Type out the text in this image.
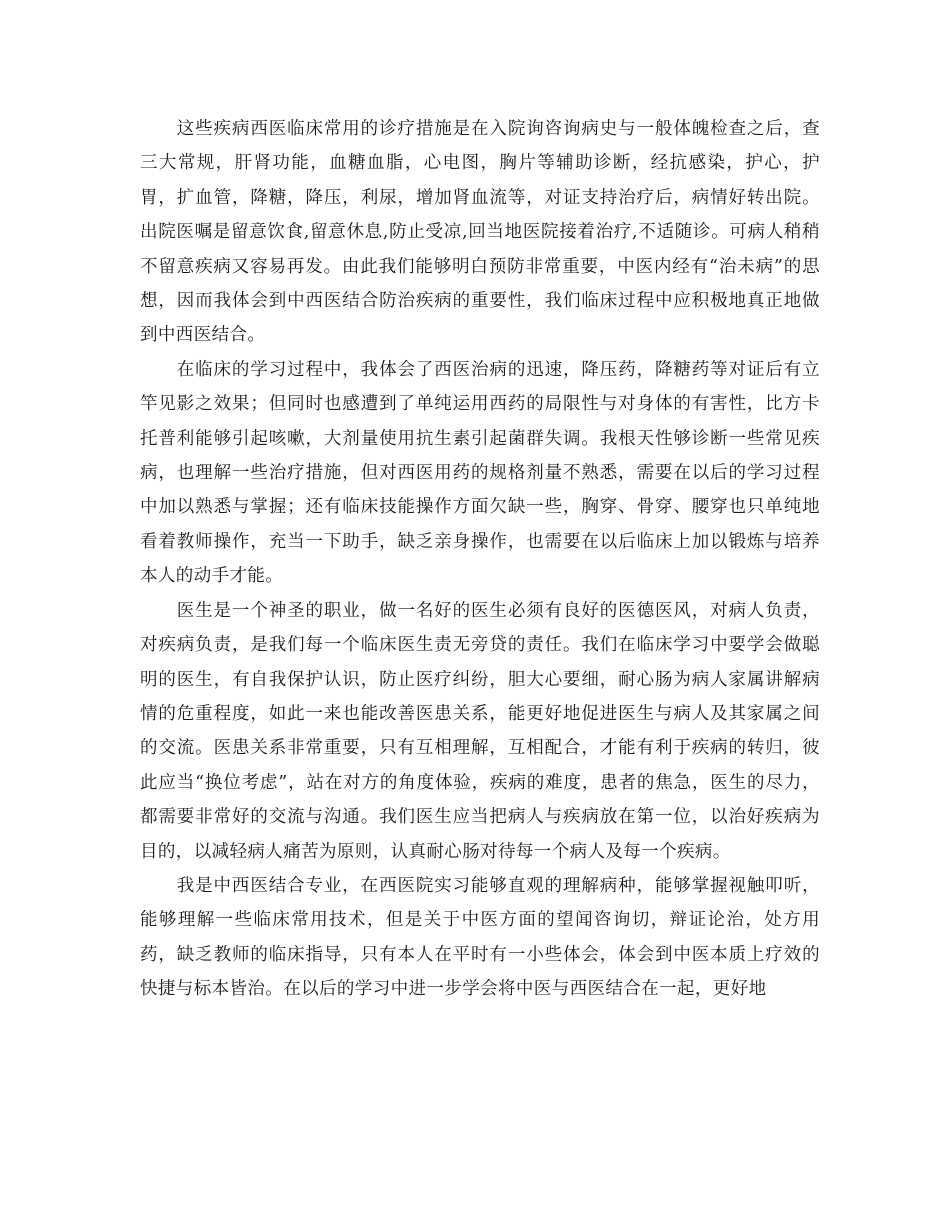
这些疾病西医临床常用的诊疗措施是在入院询咨询病史与一般体魄检查之后，查三大常规，肝肾功能，血糖血脂，心电图，胸片等辅助诊断，经抗感染，护心，护胃，扩血管，降糖，降压，利尿，增加肾血流等，对证支持治疗后，病情好转出院。出院医嘱是留意饮食,留意休息,防止受凉,回当地医院接着治疗,不适随诊。可病人稍稍不留意疾病又容易再发。由此我们能够明白预防非常重要，中医内经有“治未病”的思想，因而我体会到中西医结合防治疾病的重要性，我们临床过程中应积极地真正地做到中西医结合。

在临床的学习过程中，我体会了西医治病的迅速，降压药，降糖药等对证后有立竿见影之效果；但同时也感遭到了单纯运用西药的局限性与对身体的有害性，比方卡托普利能够引起咳嗽，大剂量使用抗生素引起菌群失调。我根天性够诊断一些常见疾病，也理解一些治疗措施，但对西医用药的规格剂量不熟悉，需要在以后的学习过程中加以熟悉与掌握；还有临床技能操作方面欠缺一些，胸穿、骨穿、腰穿也只单纯地看着教师操作，充当一下助手，缺乏亲身操作，也需要在以后临床上加以锻炼与培养本人的动手才能。

医生是一个神圣的职业，做一名好的医生必须有良好的医德医风，对病人负责，对疾病负责，是我们每一个临床医生责无旁贷的责任。我们在临床学习中要学会做聪明的医生，有自我保护认识，防止医疗纠纷，胆大心要细，耐心肠为病人家属讲解病情的危重程度，如此一来也能改善医患关系，能更好地促进医生与病人及其家属之间的交流。医患关系非常重要，只有互相理解，互相配合，才能有利于疾病的转归，彼此应当“换位考虑”，站在对方的角度体验，疾病的难度，患者的焦急，医生的尽力，都需要非常好的交流与沟通。我们医生应当把病人与疾病放在第一位，以治好疾病为目的，以减轻病人痛苦为原则，认真耐心肠对待每一个病人及每一个疾病。

我是中西医结合专业，在西医院实习能够直观的理解病种，能够掌握视触叩听，能够理解一些临床常用技术，但是关于中医方面的望闻咨询切，辩证论治，处方用药，缺乏教师的临床指导，只有本人在平时有一小些体会，体会到中医本质上疗效的快捷与标本皆治。在以后的学习中进一步学会将中医与西医结合在一起，更好地
